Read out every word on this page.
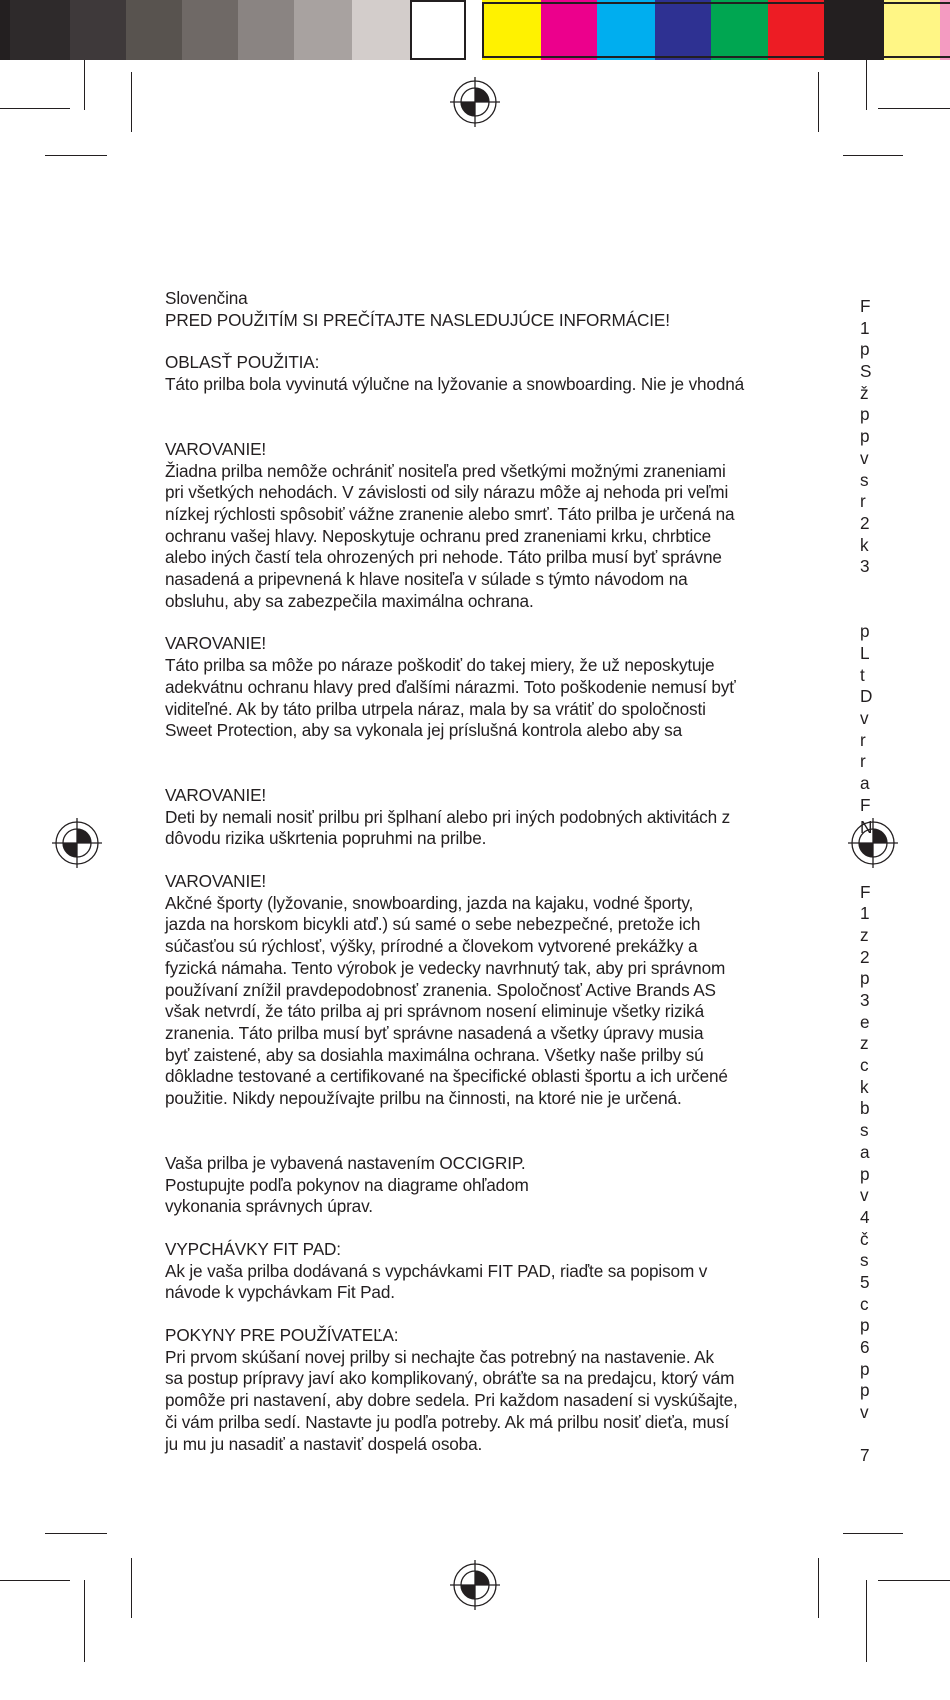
Slovenčina

PRED POUŽITÍM SI PREČÍTAJTE NASLEDUJÚCE INFORMÁCIE!

OBLASŤ POUŽITIA:

Táto prilba bola vyvinutá výlučne na lyžovanie a snowboarding. Nie je vhodná

VAROVANIE!

Žiadna prilba nemôže ochrániť nositeľa pred všetkými možnými zraneniami

pri všetkých nehodách. V závislosti od sily nárazu môže aj nehoda pri veľmi

nízkej rýchlosti spôsobiť vážne zranenie alebo smrť. Táto prilba je určená na

ochranu vašej hlavy. Neposkytuje ochranu pred zraneniami krku, chrbtice

alebo iných častí tela ohrozených pri nehode. Táto prilba musí byť správne

nasadená a pripevnená k hlave nositeľa v súlade s týmto návodom na

obsluhu, aby sa zabezpečila maximálna ochrana.

VAROVANIE!

Táto prilba sa môže po náraze poškodiť do takej miery, že už neposkytuje

adekvátnu ochranu hlavy pred ďalšími nárazmi. Toto poškodenie nemusí byť

viditeľné. Ak by táto prilba utrpela náraz, mala by sa vrátiť do spoločnosti

Sweet Protection, aby sa vykonala jej príslušná kontrola alebo aby sa

VAROVANIE!

Deti by nemali nosiť prilbu pri šplhaní alebo pri iných podobných aktivitách z

dôvodu rizika uškrtenia popruhmi na prilbe.

VAROVANIE!

Akčné športy (lyžovanie, snowboarding, jazda na kajaku, vodné športy,

jazda na horskom bicykli atď.) sú samé o sebe nebezpečné, pretože ich

súčasťou sú rýchlosť, výšky, prírodné a človekom vytvorené prekážky a

fyzická námaha. Tento výrobok je vedecky navrhnutý tak, aby pri správnom

používaní znížil pravdepodobnosť zranenia. Spoločnosť Active Brands AS

však netvrdí, že táto prilba aj pri správnom nosení eliminuje všetky riziká

zranenia. Táto prilba musí byť správne nasadená a všetky úpravy musia

byť zaistené, aby sa dosiahla maximálna ochrana. Všetky naše prilby sú

dôkladne testované a certifikované na špecifické oblasti športu a ich určené

použitie. Nikdy nepoužívajte prilbu na činnosti, na ktoré nie je určená.

Vaša prilba je vybavená nastavením OCCIGRIP.

Postupujte podľa pokynov na diagrame ohľadom

vykonania správnych úprav.

VYPCHÁVKY FIT PAD:

Ak je vaša prilba dodávaná s vypchávkami FIT PAD, riaďte sa popisom v

návode k vypchávkam Fit Pad.

POKYNY PRE POUŽÍVATEĽA:

Pri prvom skúšaní novej prilby si nechajte čas potrebný na nastavenie. Ak

sa postup prípravy javí ako komplikovaný, obráťte sa na predajcu, ktorý vám

pomôže pri nastavení, aby dobre sedela. Pri každom nasadení si vyskúšajte,

či vám prilba sedí. Nastavte ju podľa potreby. Ak má prilbu nosiť dieťa, musí

ju mu ju nasadiť a nastaviť dospelá osoba.

F
1
p
S
ž
p
p
v
s
r
2
k
3
p
L
t
D
v
r
r
a
F
N
F
1
z
2
p
3
e
z
c
k
b
s
a
p
v
4
č
s
5
c
p
6
p
p
v
7
